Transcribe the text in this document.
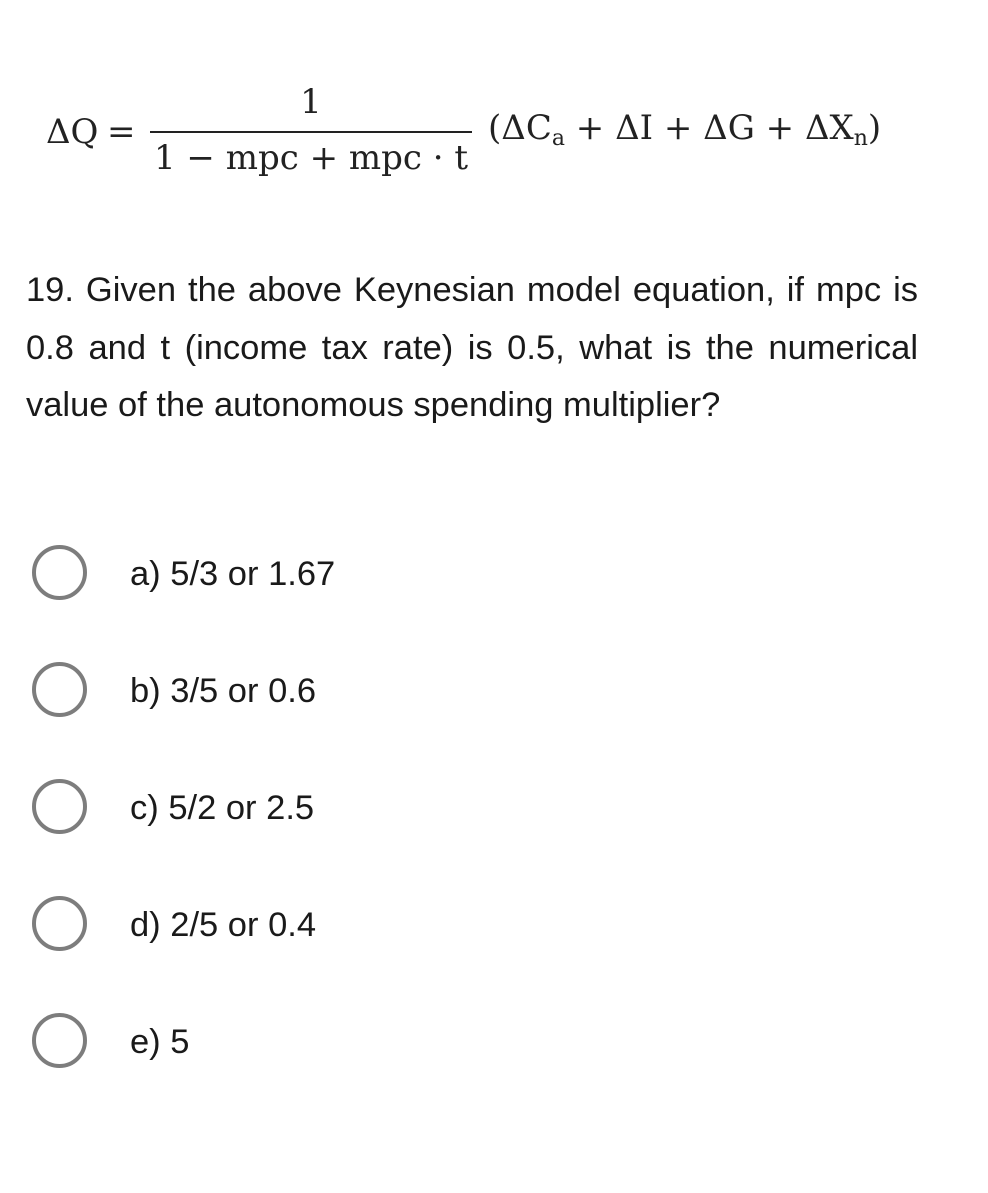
ΔQ =
1
1 − mpc + mpc · t
$(\Delta C_a + \Delta I + \Delta G + \Delta X_n)$
19. Given the above Keynesian model equation, if mpc is 0.8 and t (income tax rate) is 0.5, what is the numerical value of the autonomous spending multiplier?
a) 5/3 or 1.67
b) 3/5 or 0.6
c) 5/2 or 2.5
d) 2/5 or 0.4
e) 5
